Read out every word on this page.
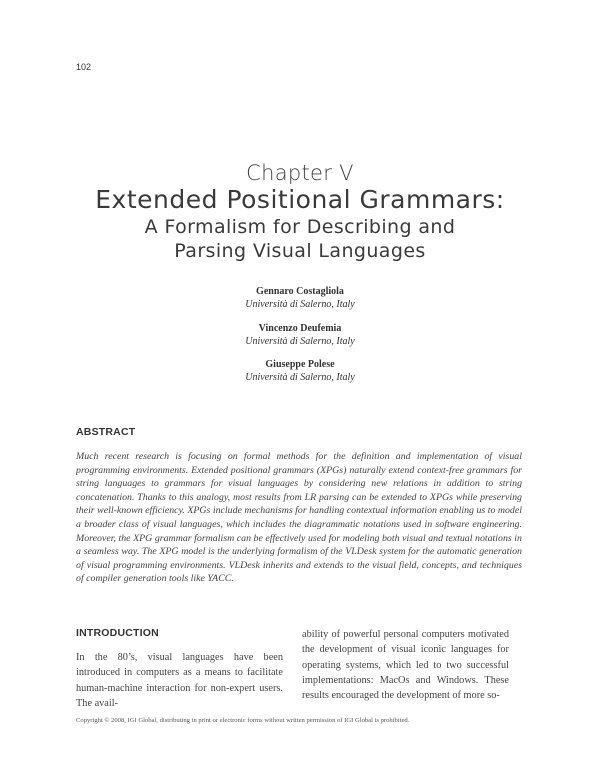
102
Chapter V
Extended Positional Grammars:
A Formalism for Describing and
Parsing Visual Languages
Gennaro Costagliola
Università di Salerno, Italy
Vincenzo Deufemia
Università di Salerno, Italy
Giuseppe Polese
Università di Salerno, Italy
ABSTRACT
Much recent research is focusing on formal methods for the definition and implementation of visual programming environments. Extended positional grammars (XPGs) naturally extend context-free grammars for string languages to grammars for visual languages by considering new relations in addition to string concatenation. Thanks to this analogy, most results from LR parsing can be extended to XPGs while preserving their well-known efficiency. XPGs include mechanisms for handling contextual information enabling us to model a broader class of visual languages, which includes the diagrammatic notations used in software engineering. Moreover, the XPG grammar formalism can be effectively used for modeling both visual and textual notations in a seamless way. The XPG model is the underlying formalism of the VLDesk system for the automatic generation of visual programming environments. VLDesk inherits and extends to the visual field, concepts, and techniques of compiler generation tools like YACC.
INTRODUCTION
In the 80’s, visual languages have been introduced in computers as a means to facilitate human-machine interaction for non-expert users. The avail-
ability of powerful personal computers motivated the development of visual iconic languages for operating systems, which led to two successful implementations: MacOs and Windows. These results encouraged the development of more so-
Copyright © 2008, IGI Global, distributing in print or electronic forms without written permission of IGI Global is prohibited.
